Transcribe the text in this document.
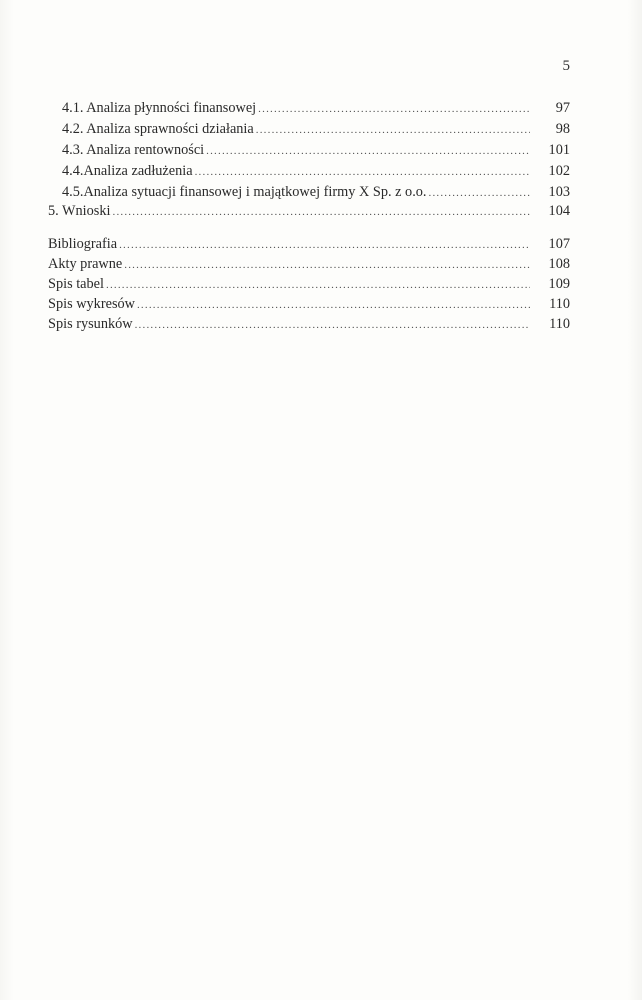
5
4.1. Analiza płynności finansowej .....	97
4.2. Analiza sprawności działania .....	98
4.3. Analiza rentowności .....	101
4.4.Analiza zadłużenia .....	102
4.5.Analiza sytuacji finansowej i majątkowej firmy X Sp. z o.o. .....	103
5. Wnioski .....	104
Bibliografia .....	107
Akty prawne .....	108
Spis tabel .....	109
Spis wykresów .....	110
Spis rysunków .....	110
